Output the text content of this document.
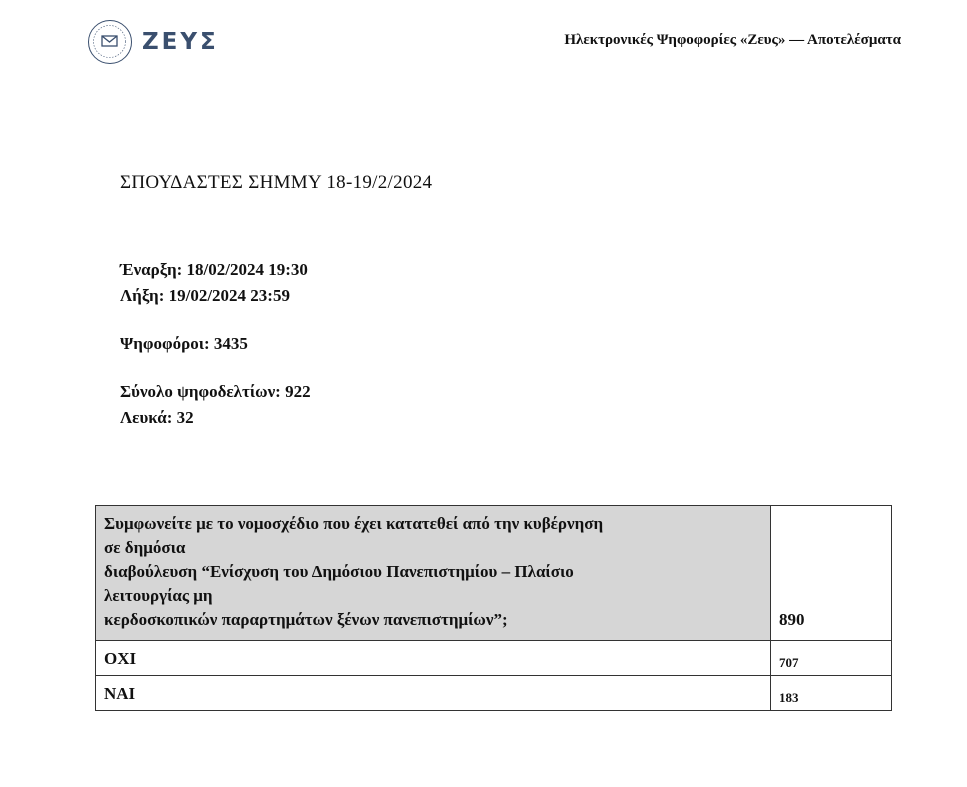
ΖΕΥΣ	Ηλεκτρονικές Ψηφοφορίες «Ζευς» — Αποτελέσματα
ΣΠΟΥΔΑΣΤΕΣ ΣΗΜΜΥ 18-19/2/2024
Έναρξη: 18/02/2024 19:30
Λήξη: 19/02/2024 23:59
Ψηφοφόροι: 3435
Σύνολο ψηφοδελτίων: 922
Λευκά: 32
Συμφωνείτε με το νομοσχέδιο που έχει κατατεθεί από την κυβέρνηση
σε δημόσια
διαβούλευση “Ενίσχυση του Δημόσιου Πανεπιστημίου – Πλαίσιο
λειτουργίας μη
κερδοσκοπικών παραρτημάτων ξένων πανεπιστημίων”;	890
ΟΧΙ	707
ΝΑΙ	183
